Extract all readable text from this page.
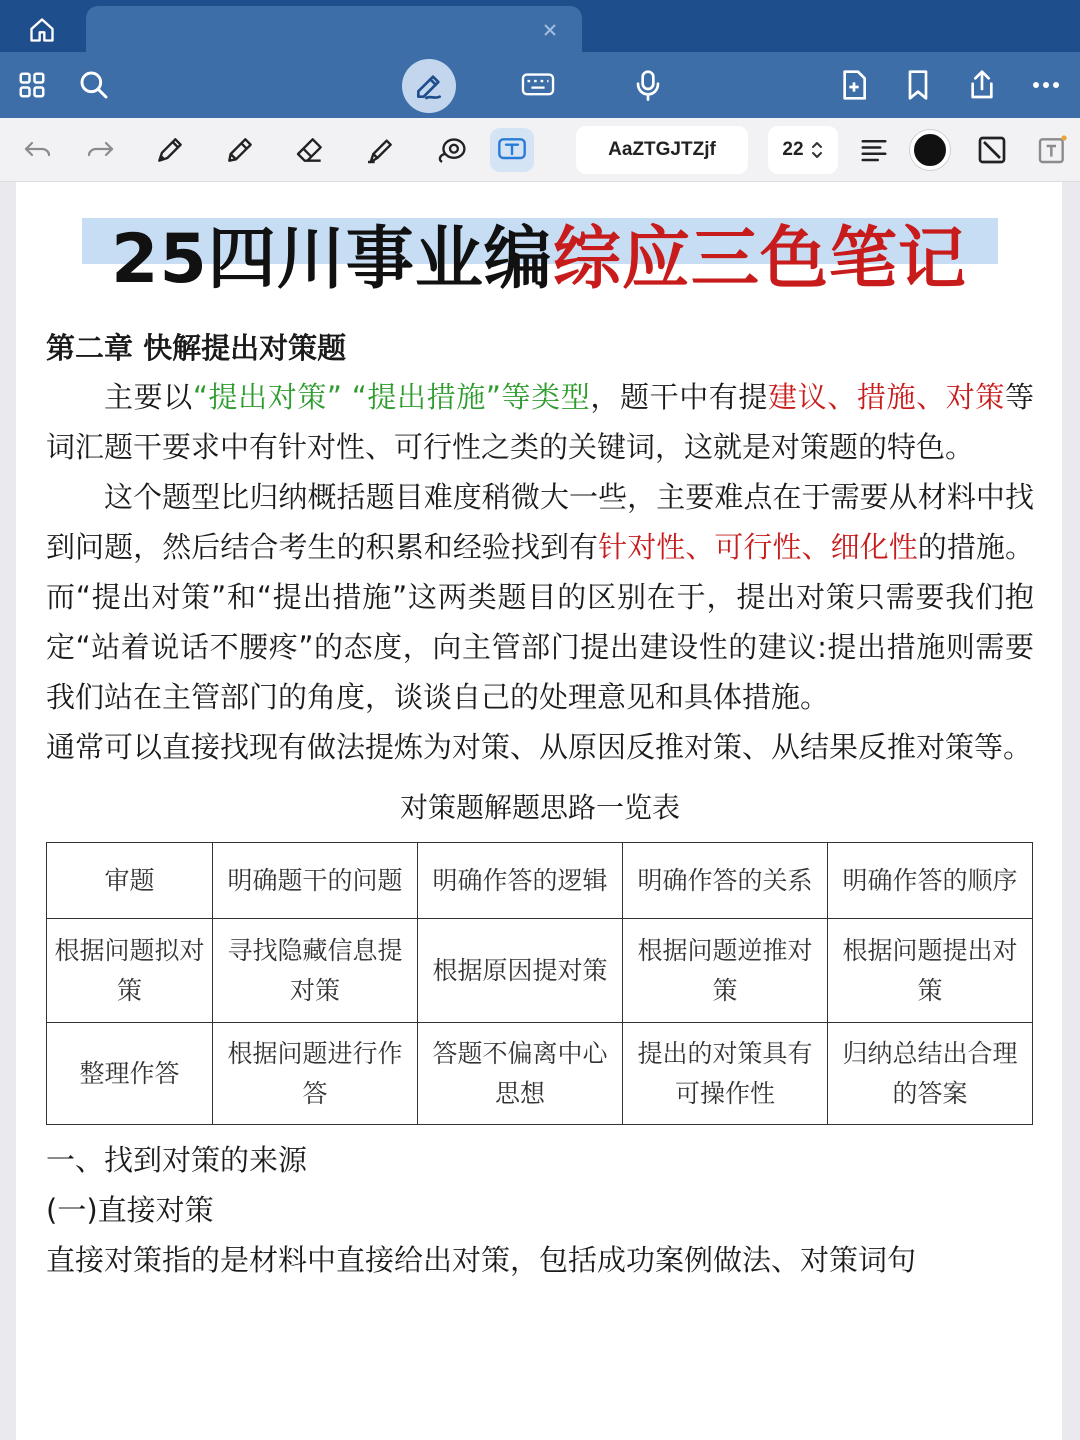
AaZTGJTZjf	22
25四川事业编综应三色笔记
第二章 快解提出对策题

主要以“提出对策” “提出措施”等类型，题干中有提建议、措施、对策等词汇题干要求中有针对性、可行性之类的关键词，这就是对策题的特色。

这个题型比归纳概括题目难度稍微大一些，主要难点在于需要从材料中找到问题，然后结合考生的积累和经验找到有针对性、可行性、细化性的措施。而“提出对策”和“提出措施”这两类题目的区别在于，提出对策只需要我们抱定“站着说话不腰疼”的态度，向主管部门提出建设性的建议:提出措施则需要我们站在主管部门的角度，谈谈自己的处理意见和具体措施。

通常可以直接找现有做法提炼为对策、从原因反推对策、从结果反推对策等。

对策题解题思路一览表
审题	明确题干的问题	明确作答的逻辑	明确作答的关系	明确作答的顺序
根据问题拟对策	寻找隐藏信息提对策	根据原因提对策	根据问题逆推对策	根据问题提出对策
整理作答	根据问题进行作答	答题不偏离中心思想	提出的对策具有可操作性	归纳总结出合理的答案
一、找到对策的来源
(一)直接对策
直接对策指的是材料中直接给出对策，包括成功案例做法、对策词句
